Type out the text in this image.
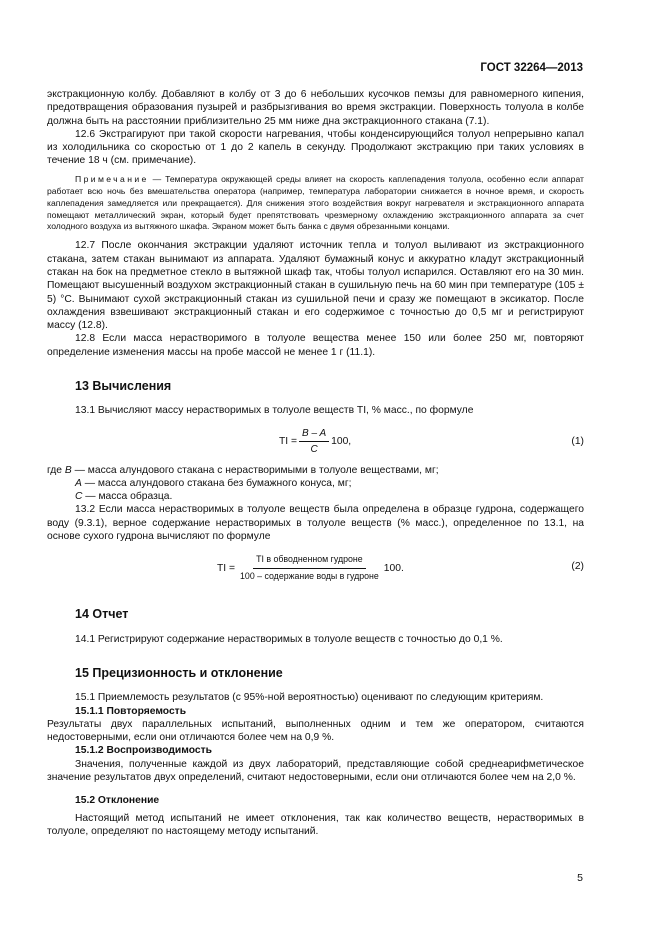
ГОСТ 32264—2013

экстракционную колбу. Добавляют в колбу от 3 до 6 небольших кусочков пемзы для равномерного кипения, предотвращения образования пузырей и разбрызгивания во время экстракции. Поверхность толуола в колбе должна быть на расстоянии приблизительно 25 мм ниже дна экстракционного стакана (7.1).

12.6 Экстрагируют при такой скорости нагревания, чтобы конденсирующийся толуол непрерывно капал из холодильника со скоростью от 1 до 2 капель в секунду. Продолжают экстракцию при таких условиях в течение 18 ч (см. примечание).

Примечание — Температура окружающей среды влияет на скорость каплепадения толуола, особенно если аппарат работает всю ночь без вмешательства оператора (например, температура лаборатории снижается в ночное время, и скорость каплепадения замедляется или прекращается). Для снижения этого воздействия вокруг нагревателя и экстракционного аппарата помещают металлический экран, который будет препятствовать чрезмерному охлаждению экстракционного аппарата за счет холодного воздуха из вытяжного шкафа. Экраном может быть банка с двумя обрезанными концами.

12.7 После окончания экстракции удаляют источник тепла и толуол выливают из экстракционного стакана, затем стакан вынимают из аппарата. Удаляют бумажный конус и аккуратно кладут экстракционный стакан на бок на предметное стекло в вытяжной шкаф так, чтобы толуол испарился. Оставляют его на 30 мин. Помещают высушенный воздухом экстракционный стакан в сушильную печь на 60 мин при температуре (105 ± 5) °С. Вынимают сухой экстракционный стакан из сушильной печи и сразу же помещают в эксикатор. После охлаждения взвешивают экстракционный стакан и его содержимое с точностью до 0,5 мг и регистрируют массу (12.8).

12.8 Если масса нерастворимого в толуоле вещества менее 150 или более 250 мг, повторяют определение изменения массы на пробе массой не менее 1 г (11.1).

13 Вычисления

13.1 Вычисляют массу нерастворимых в толуоле веществ TI, % масс., по формуле

TI = $\frac{B - A}{C} 100$,	(1)

где B — масса алундового стакана с нерастворимыми в толуоле веществами, мг;

A — масса алундового стакана без бумажного конуса, мг;

C — масса образца.

13.2 Если масса нерастворимых в толуоле веществ была определена в образце гудрона, содержащего воду (9.3.1), верное содержание нерастворимых в толуоле веществ (% масс.), определенное по 13.1, на основе сухого гудрона вычисляют по формуле

TI = $\frac{\text{TI в обводненном гудроне}}{\text{100 – содержание воды в гудроне}} 100$.	(2)
14 Отчет

14.1 Регистрируют содержание нерастворимых в толуоле веществ с точностью до 0,1 %.

15 Прецизионность и отклонение

15.1 Приемлемость результатов (с 95%-ной вероятностью) оценивают по следующим критериям.

15.1.1 Повторяемость

Результаты двух параллельных испытаний, выполненных одним и тем же оператором, считаются недостоверными, если они отличаются более чем на 0,9 %.

15.1.2 Воспроизводимость

Значения, полученные каждой из двух лабораторий, представляющие собой среднеарифметическое значение результатов двух определений, считают недостоверными, если они отличаются более чем на 2,0 %.

15.2 Отклонение

Настоящий метод испытаний не имеет отклонения, так как количество веществ, нерастворимых в толуоле, определяют по настоящему методу испытаний.

5
